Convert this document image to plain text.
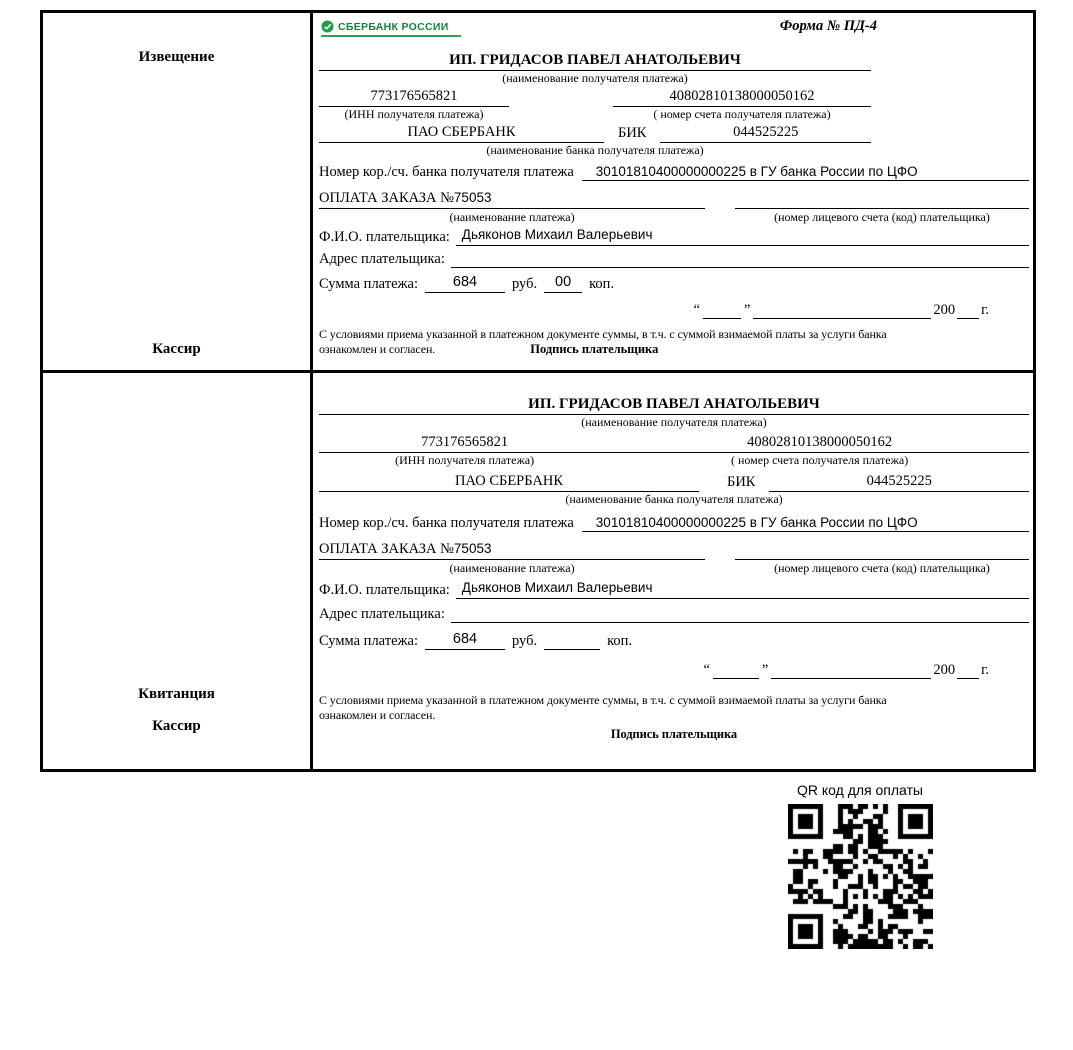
Извещение
Кассир
СБЕРБАНК РОССИИ	Форма № ПД-4
ИП. ГРИДАСОВ ПАВЕЛ АНАТОЛЬЕВИЧ
(наименование получателя платежа)
773176565821
(ИНН получателя платежа)
40802810138000050162
( номер счета получателя платежа)
ПАО СБЕРБАНК	БИК	044525225
(наименование банка получателя платежа)
Номер кор./сч. банка получателя платежа	30101810400000000225 в ГУ банка России по ЦФО
ОПЛАТА ЗАКАЗА №75053
(наименование платежа)	(номер лицевого счета (код) плательщика)
Ф.И.О. плательщика: Дьяконов Михаил Валерьевич
Адрес плательщика:
Сумма платежа:	684	руб.	00	коп.
“	”	200 г.
С условиями приема указанной в платежном документе суммы, в т.ч. с суммой взимаемой платы за услуги банка
ознакомлен и согласен.	Подпись плательщика
Квитанция
Кассир
ИП. ГРИДАСОВ ПАВЕЛ АНАТОЛЬЕВИЧ
(наименование получателя платежа)
773176565821
(ИНН получателя платежа)
40802810138000050162
( номер счета получателя платежа)
ПАО СБЕРБАНК	БИК	044525225
(наименование банка получателя платежа)
Номер кор./сч. банка получателя платежа	30101810400000000225 в ГУ банка России по ЦФО
ОПЛАТА ЗАКАЗА №75053
(наименование платежа)	(номер лицевого счета (код) плательщика)
Ф.И.О. плательщика: Дьяконов Михаил Валерьевич
Адрес плательщика:
Сумма платежа:	684	руб.	коп.
“	”	200 г.
С условиями приема указанной в платежном документе суммы, в т.ч. с суммой взимаемой платы за услуги банка
ознакомлен и согласен.
Подпись плательщика
QR код для оплаты
